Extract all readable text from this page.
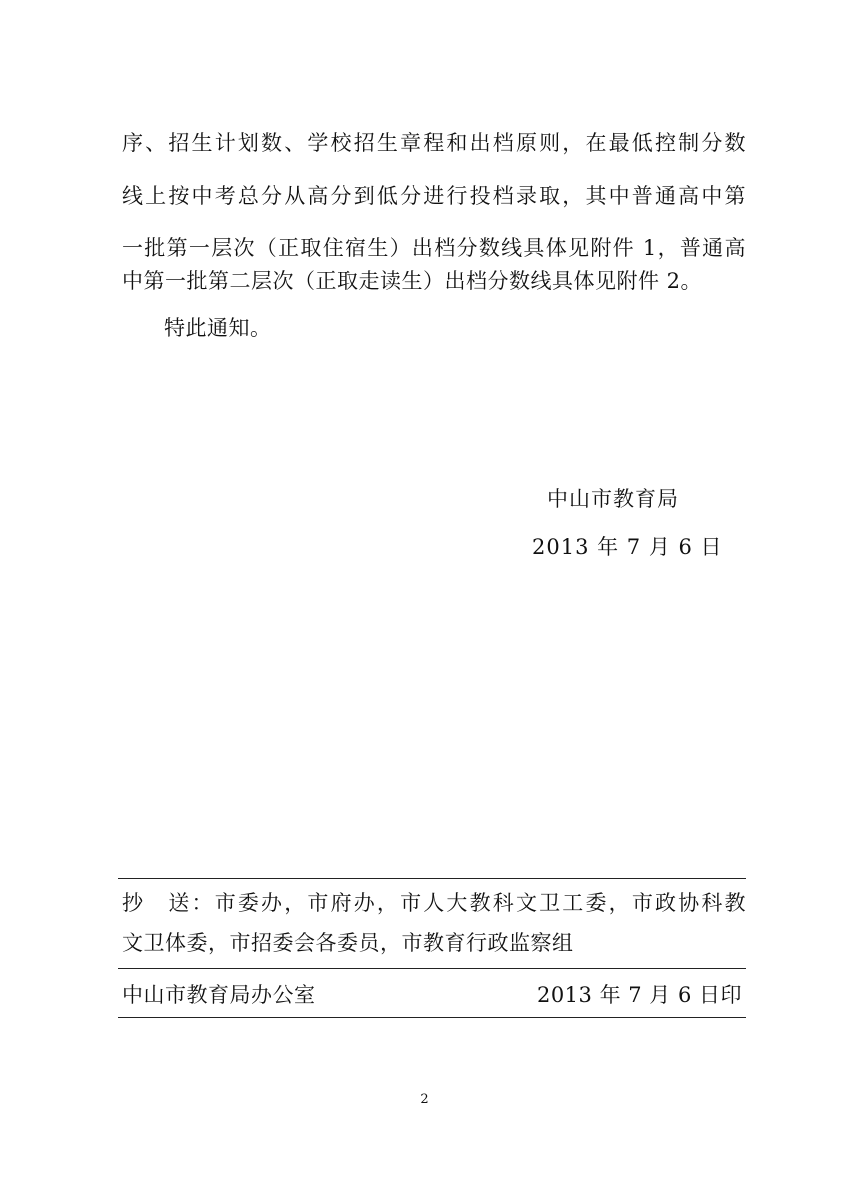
序、招生计划数、学校招生章程和出档原则，在最低控制分数
线上按中考总分从高分到低分进行投档录取，其中普通高中第
一批第一层次（正取住宿生）出档分数线具体见附件 1，普通高
中第一批第二层次（正取走读生）出档分数线具体见附件 2。
特此通知。
中山市教育局
2013 年 7 月 6 日
抄　送：市委办，市府办，市人大教科文卫工委，市政协科教
文卫体委，市招委会各委员，市教育行政监察组
中山市教育局办公室	2013 年 7 月 6 日印
2
